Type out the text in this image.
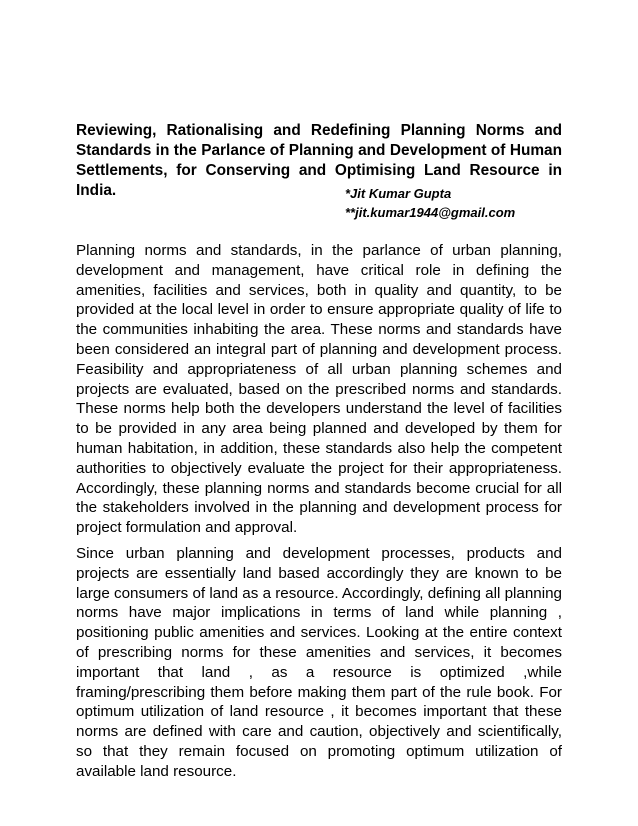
Reviewing, Rationalising and Redefining Planning Norms and Standards in the Parlance of Planning and Development of Human Settlements, for Conserving and Optimising Land Resource in India.	*Jit Kumar Gupta
**jit.kumar1944@gmail.com

Planning norms and standards, in the parlance of urban planning, development and management, have critical role in defining the amenities, facilities and services, both in quality and quantity, to be provided at the local level in order to ensure appropriate quality of life to the communities inhabiting the area. These norms and standards have been considered an integral part of planning and development process. Feasibility and appropriateness of all urban planning schemes and projects are evaluated, based on the prescribed norms and standards. These norms help both the developers understand the level of facilities to be provided in any area being planned and developed by them for human habitation, in addition, these standards also help the competent authorities to objectively evaluate the project for their appropriateness. Accordingly, these planning norms and standards become crucial for all the stakeholders involved in the planning and development process for project formulation and approval.

Since urban planning and development processes, products and projects are essentially land based accordingly they are known to be large consumers of land as a resource. Accordingly, defining all planning norms have major implications in terms of land while planning , positioning public amenities and services. Looking at the entire context of prescribing norms for these amenities and services, it becomes important that land , as a resource is optimized ,while framing/prescribing them before making them part of the rule book. For optimum utilization of land resource , it becomes important that these norms are defined with care and caution, objectively and scientifically, so that they remain focused on promoting optimum utilization of available land resource.
